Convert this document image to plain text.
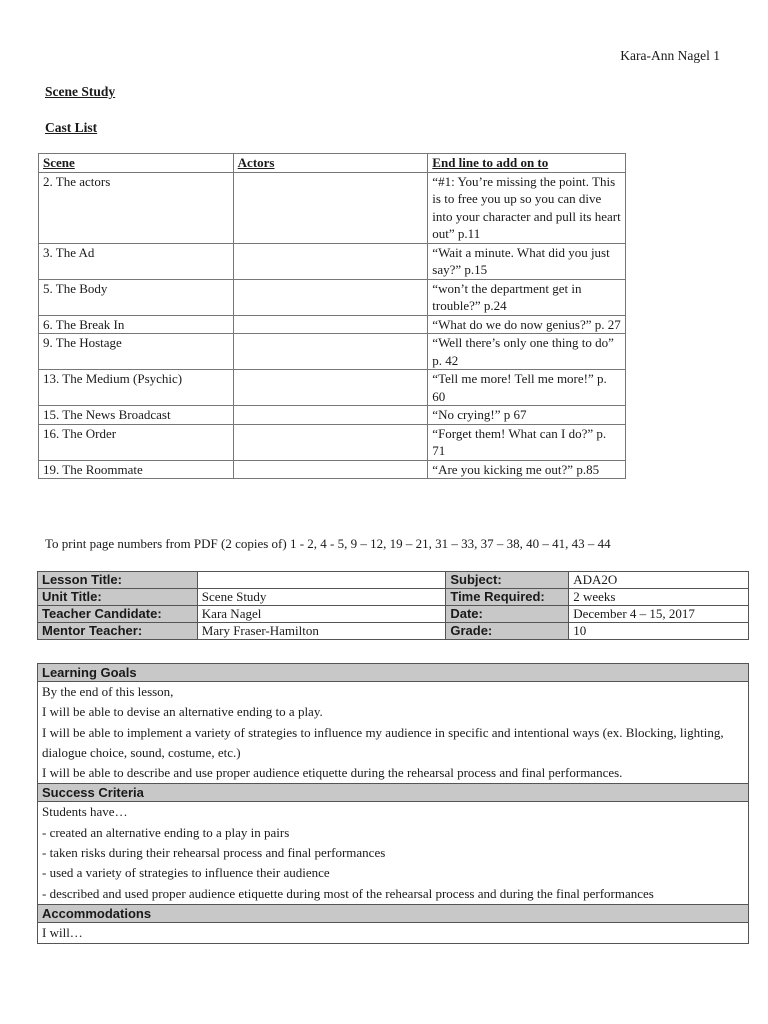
Kara-Ann Nagel 1
Scene Study
Cast List
Scene	Actors	End line to add on to
2. The actors		“#1: You’re missing the point. This is to free you up so you can dive into your character and pull its heart out” p.11
3. The Ad		“Wait a minute. What did you just say?” p.15
5. The Body		“won’t the department get in trouble?” p.24
6. The Break In		“What do we do now genius?” p. 27
9. The Hostage		“Well there’s only one thing to do” p. 42
13. The Medium (Psychic)		“Tell me more! Tell me more!” p. 60
15. The News Broadcast		“No crying!” p 67
16. The Order		“Forget them! What can I do?” p. 71
19. The Roommate		“Are you kicking me out?” p.85
To print page numbers from PDF (2 copies of) 1 - 2, 4 - 5, 9 – 12, 19 – 21, 31 – 33, 37 – 38, 40 – 41, 43 – 44
Lesson Title:		Subject:	ADA2O
Unit Title:	Scene Study	Time Required:	2 weeks
Teacher Candidate:	Kara Nagel	Date:	December 4 – 15, 2017
Mentor Teacher:	Mary Fraser-Hamilton	Grade:	10
Learning Goals

By the end of this lesson,
I will be able to devise an alternative ending to a play.
I will be able to implement a variety of strategies to influence my audience in specific and intentional ways (ex. Blocking, lighting, dialogue choice, sound, costume, etc.)
I will be able to describe and use proper audience etiquette during the rehearsal process and final performances.

Success Criteria

Students have…
- created an alternative ending to a play in pairs
- taken risks during their rehearsal process and final performances
- used a variety of strategies to influence their audience
- described and used proper audience etiquette during most of the rehearsal process and during the final performances

Accommodations

I will…
